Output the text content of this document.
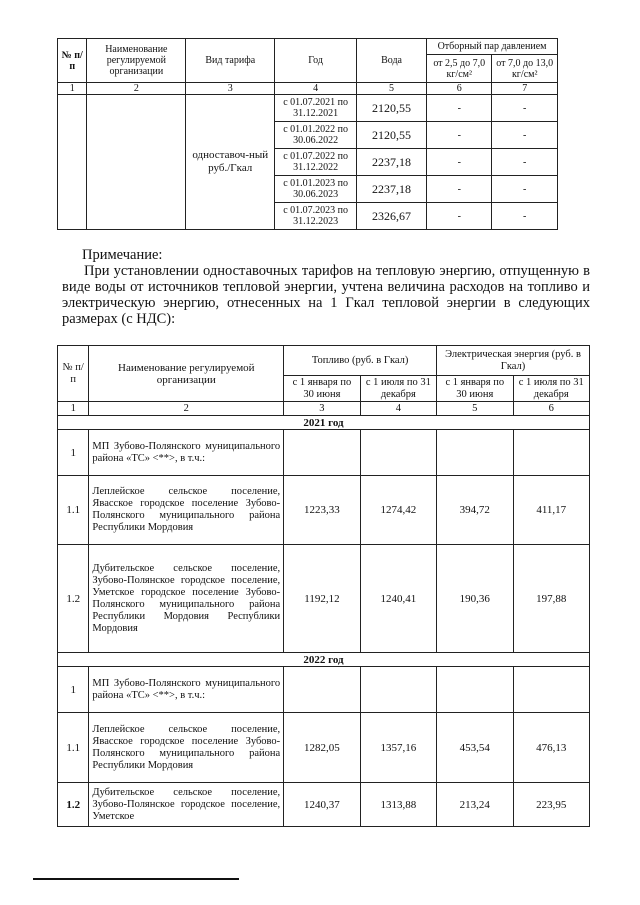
№ п/п	Наименование регулируемой организации	Вид тарифа	Год	Вода	Отборный пар давлением	
					от 2,5 до 7,0 кг/см²	от 7,0 до 13,0 кг/см²
1	2	3	4	5	6	7
		одноставоч-ный руб./Гкал	с 01.07.2021 по 31.12.2021	2120,55	-	-
			с 01.01.2022 по 30.06.2022	2120,55	-	-
			с 01.07.2022 по 31.12.2022	2237,18	-	-
			с 01.01.2023 по 30.06.2023	2237,18	-	-
			с 01.07.2023 по 31.12.2023	2326,67	-	-

Примечание:

При установлении одноставочных тарифов на тепловую энергию, отпущенную в виде воды от источников тепловой энергии, учтена величина расходов на топливо и электрическую энергию, отнесенных на 1 Гкал тепловой энергии в следующих размерах (с НДС):

№ п/п	Наименование регулируемой организации	Топливо (руб. в Гкал)		Электрическая энергия (руб. в Гкал)	
		с 1 января по 30 июня	с 1 июля по 31 декабря	с 1 января по 30 июня	с 1 июля по 31 декабря
1	2	3	4	5	6
2021 год					
1	МП Зубово-Полянского муниципального района «ТС» <**>, в т.ч.:				
1.1	Леплейское сельское поселение, Явасское городское поселение Зубово-Полянского муниципального района Республики Мордовия	1223,33	1274,42	394,72	411,17
1.2	Дубительское сельское поселение, Зубово-Полянское городское поселение, Уметское городское поселение Зубово-Полянского муниципального района Республики Мордовия Республики Мордовия	1192,12	1240,41	190,36	197,88
2022 год					
1	МП Зубово-Полянского муниципального района «ТС» <**>, в т.ч.:				
1.1	Леплейское сельское поселение, Явасское городское поселение Зубово-Полянского муниципального района Республики Мордовия	1282,05	1357,16	453,54	476,13
1.2	Дубительское сельское поселение, Зубово-Полянское городское поселение, Уметское	1240,37	1313,88	213,24	223,95
